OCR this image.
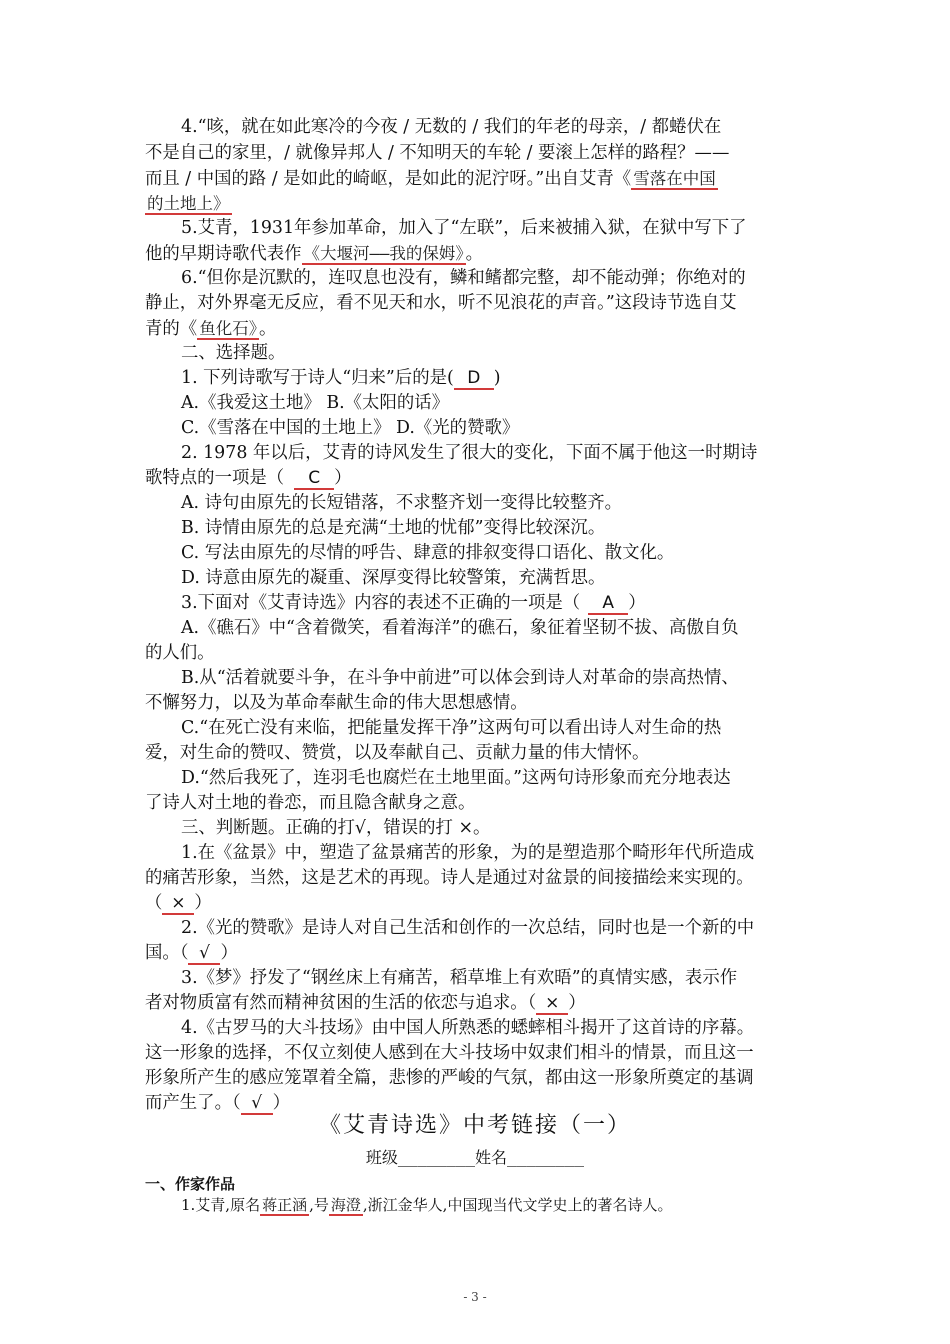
4.“咳，就在如此寒冷的今夜 / 无数的 / 我们的年老的母亲，/ 都蜷伏在
不是自己的家里，/ 就像异邦人 / 不知明天的车轮 / 要滚上怎样的路程？——
而且 / 中国的路 / 是如此的崎岖，是如此的泥泞呀。”出自艾青《 雪落在中国
的土地上》
5.艾青，1931年参加革命，加入了“左联”，后来被捕入狱，在狱中写下了
他的早期诗歌代表作 《大堰河——我的保姆》 。
6.“但你是沉默的，连叹息也没有，鳞和鳍都完整，却不能动弹；你绝对的
静止，对外界毫无反应，看不见天和水，听不见浪花的声音。”这段诗节选自艾
青的《 鱼化石》 。
二、选择题。
1. 下列诗歌写于诗人“归来”后的是( D )
A.《我爱这土地》 B.《太阳的话》
C.《雪落在中国的土地上》 D.《光的赞歌》
2. 1978 年以后，艾青的诗风发生了很大的变化，下面不属于他这一时期诗
歌特点的一项是（ C ）
A. 诗句由原先的长短错落，不求整齐划一变得比较整齐。
B. 诗情由原先的总是充满“土地的忧郁”变得比较深沉。
C. 写法由原先的尽情的呼告、肆意的排叙变得口语化、散文化。
D. 诗意由原先的凝重、深厚变得比较警策，充满哲思。
3.下面对《艾青诗选》内容的表述不正确的一项是（ A ）
A.《礁石》中“含着微笑，看着海洋”的礁石，象征着坚韧不拔、高傲自负
的人们。
B.从“活着就要斗争，在斗争中前进”可以体会到诗人对革命的崇高热情、
不懈努力，以及为革命奉献生命的伟大思想感情。
C.“在死亡没有来临，把能量发挥干净”这两句可以看出诗人对生命的热
爱，对生命的赞叹、赞赏，以及奉献自己、贡献力量的伟大情怀。
D.“然后我死了，连羽毛也腐烂在土地里面。”这两句诗形象而充分地表达
了诗人对土地的眷恋，而且隐含献身之意。
三、判断题。正确的打√，错误的打 ×。
1.在《盆景》中，塑造了盆景痛苦的形象，为的是塑造那个畸形年代所造成
的痛苦形象，当然，这是艺术的再现。诗人是通过对盆景的间接描绘来实现的。
（ × ）
2.《光的赞歌》是诗人对自己生活和创作的一次总结，同时也是一个新的中
国。（ √ ）
3.《梦》抒发了“钢丝床上有痛苦，稻草堆上有欢晤”的真情实感，表示作
者对物质富有然而精神贫困的生活的依恋与追求。（ × ）
4.《古罗马的大斗技场》由中国人所熟悉的蟋蟀相斗揭开了这首诗的序幕。
这一形象的选择，不仅立刻使人感到在大斗技场中奴隶们相斗的情景，而且这一
形象所产生的感应笼罩着全篇，悲惨的严峻的气氛，都由这一形象所奠定的基调
而产生了。（ √ ）
《艾青诗选》中考链接（一）
班级________姓名________
一、作家作品
1.艾青,原名 蒋正涵 ,号 海澄 ,浙江金华人,中国现当代文学史上的著名诗人。
- 3 -
